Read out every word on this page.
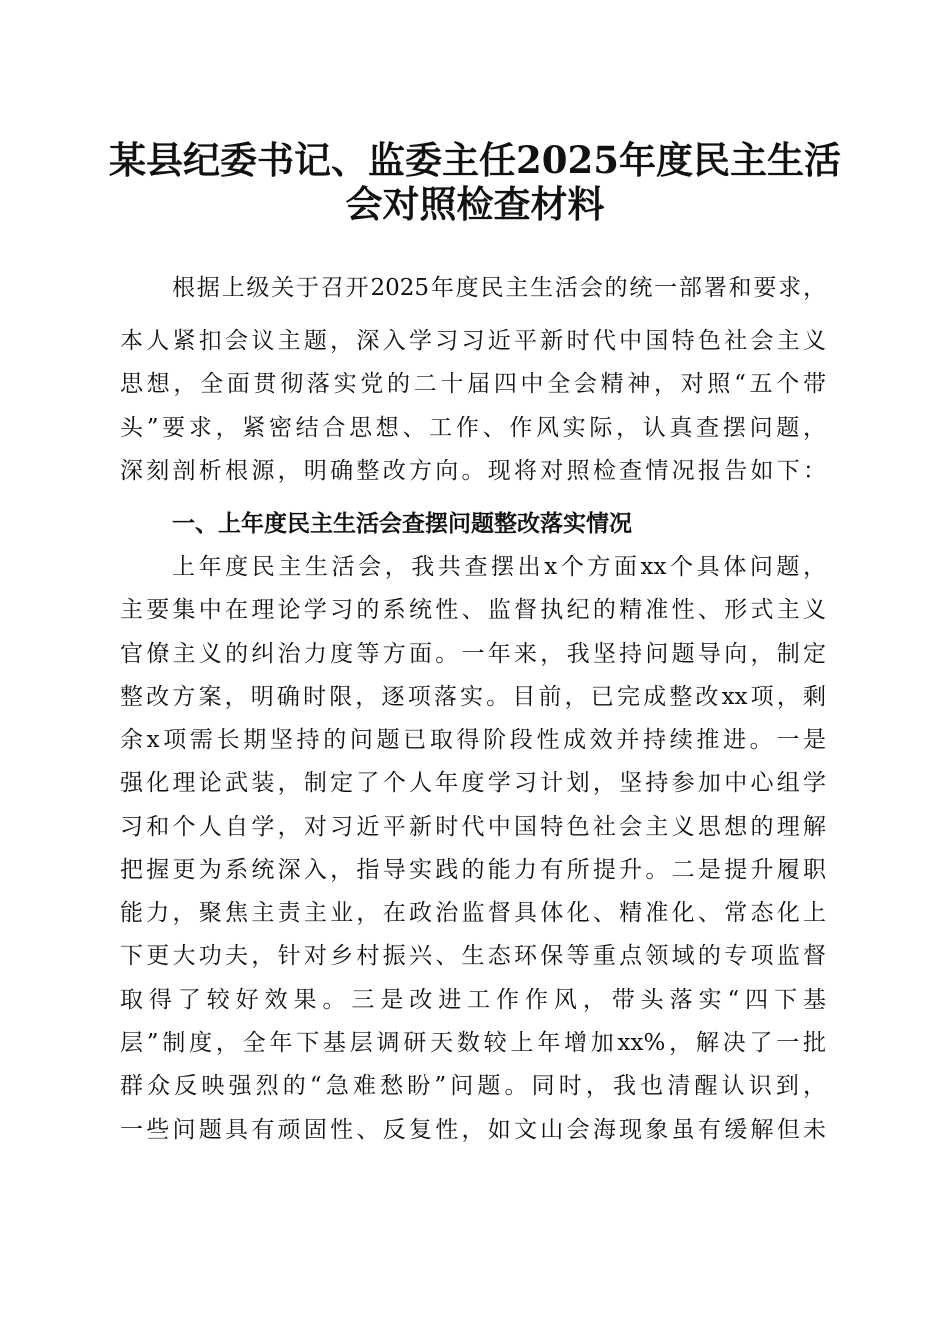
某县纪委书记、监委主任2025年度民主生活
会对照检查材料

根据上级关于召开2025年度民主生活会的统一部署和要求，

本人紧扣会议主题，深入学习习近平新时代中国特色社会主义

思想，全面贯彻落实党的二十届四中全会精神，对照“五个带

头”要求，紧密结合思想、工作、作风实际，认真查摆问题，

深刻剖析根源，明确整改方向。现将对照检查情况报告如下：

一、上年度民主生活会查摆问题整改落实情况

上年度民主生活会，我共查摆出x个方面xx个具体问题，

主要集中在理论学习的系统性、监督执纪的精准性、形式主义

官僚主义的纠治力度等方面。一年来，我坚持问题导向，制定

整改方案，明确时限，逐项落实。目前，已完成整改xx项，剩

余x项需长期坚持的问题已取得阶段性成效并持续推进。一是

强化理论武装，制定了个人年度学习计划，坚持参加中心组学

习和个人自学，对习近平新时代中国特色社会主义思想的理解

把握更为系统深入，指导实践的能力有所提升。二是提升履职

能力，聚焦主责主业，在政治监督具体化、精准化、常态化上

下更大功夫，针对乡村振兴、生态环保等重点领域的专项监督

取得了较好效果。三是改进工作作风，带头落实“四下基

层”制度，全年下基层调研天数较上年增加xx%，解决了一批

群众反映强烈的“急难愁盼”问题。同时，我也清醒认识到，

一些问题具有顽固性、反复性，如文山会海现象虽有缓解但未
